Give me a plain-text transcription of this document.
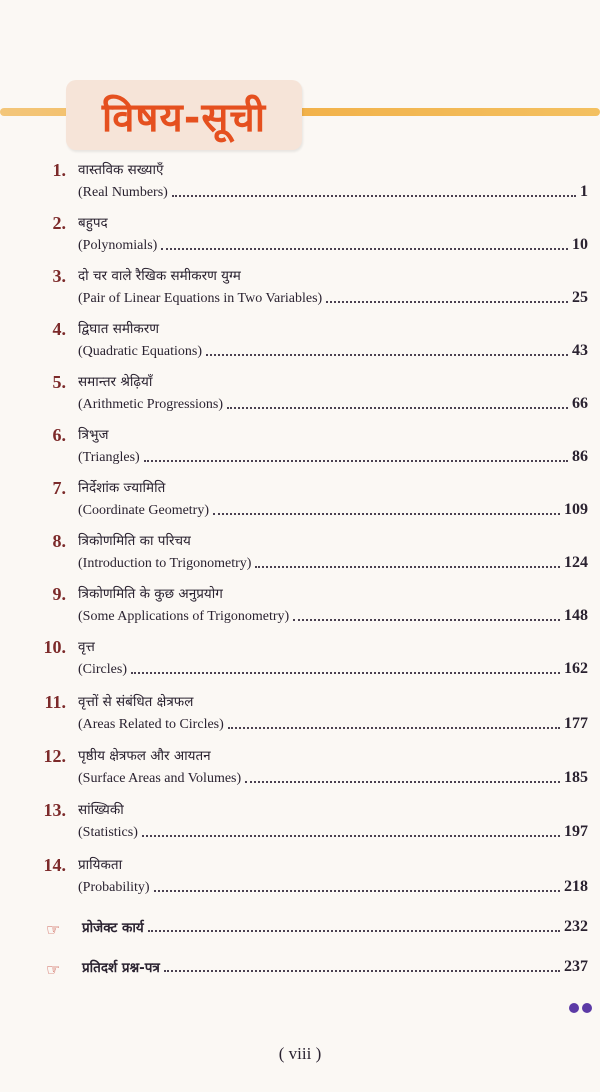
विषय-सूची
1. वास्तविक सख्याएँ
(Real Numbers)	1
2. बहुपद
(Polynomials)	10
3. दो चर वाले रैखिक समीकरण युग्म
(Pair of Linear Equations in Two Variables)	25
4. द्विघात समीकरण
(Quadratic Equations)	43
5. समान्तर श्रेढ़ियाँ
(Arithmetic Progressions)	66
6. त्रिभुज
(Triangles)	86
7. निर्देशांक ज्यामिति
(Coordinate Geometry)	109
8. त्रिकोणमिति का परिचय
(Introduction to Trigonometry)	124
9. त्रिकोणमिति के कुछ अनुप्रयोग
(Some Applications of Trigonometry)	148
10. वृत्त
(Circles)	162
11. वृत्तों से संबंधित क्षेत्रफल
(Areas Related to Circles)	177
12. पृष्ठीय क्षेत्रफल और आयतन
(Surface Areas and Volumes)	185
13. सांख्यिकी
(Statistics)	197
14. प्रायिकता
(Probability)	218
☞ प्रोजेक्ट कार्य	232
☞ प्रतिदर्श प्रश्न-पत्र	237
( viii )
